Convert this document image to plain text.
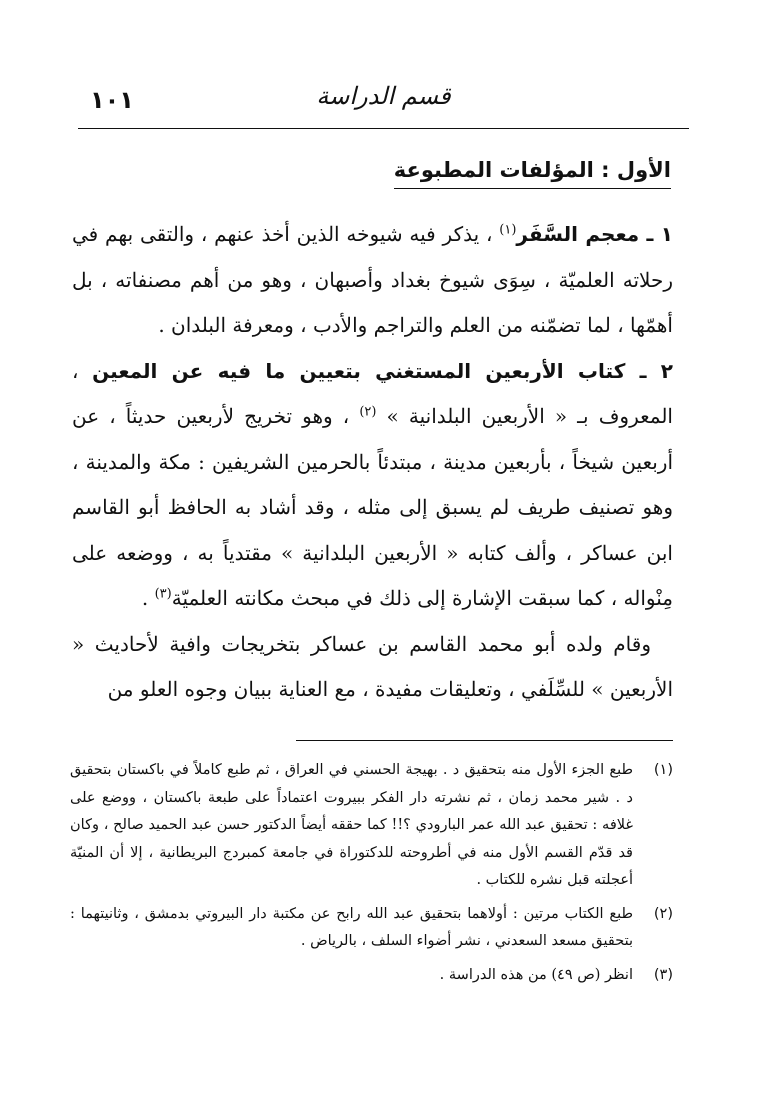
قسم الدراسة
١٠١
الأول : المؤلفات المطبوعة

١ ـ معجم السَّفَر$^{(١)}$ ، يذكر فيه شيوخه الذين أخذ عنهم ، والتقى بهم في رحلاته العلميّة ، سِوَى شيوخ بغداد وأصبهان ، وهو من أهم مصنفاته ، بل أهمّها ، لما تضمّنه من العلم والتراجم والأدب ، ومعرفة البلدان .

٢ ـ كتاب الأربعين المستغني بتعيين ما فيه عن المعين ، المعروف بـ « الأربعين البلدانية » $^{(٢)}$ ، وهو تخريج لأربعين حديثاً ، عن أربعين شيخاً ، بأربعين مدينة ، مبتدئاً بالحرمين الشريفين : مكة والمدينة ، وهو تصنيف طريف لم يسبق إلى مثله ، وقد أشاد به الحافظ أبو القاسم ابن عساكر ، وألف كتابه « الأربعين البلدانية » مقتدياً به ، ووضعه على مِنْواله ، كما سبقت الإشارة إلى ذلك في مبحث مكانته العلميّة$^{(٣)}$ .

وقام ولده أبو محمد القاسم بن عساكر بتخريجات وافية لأحاديث « الأربعين » للسِّلَفي ، وتعليقات مفيدة ، مع العناية ببيان وجوه العلو من

(١)
طبع الجزء الأول منه بتحقيق د . بهيجة الحسني في العراق ، ثم طبع كاملاً في باكستان بتحقيق د . شير محمد زمان ، ثم نشرته دار الفكر ببيروت اعتماداً على طبعة باكستان ، ووضع على غلافه : تحقيق عبد الله عمر البارودي ؟!! كما حققه أيضاً الدكتور حسن عبد الحميد صالح ، وكان قد قدّم القسم الأول منه في أطروحته للدكتوراة في جامعة كمبردج البريطانية ، إلا أن المنيّة أعجلته قبل نشره للكتاب .
(٢)
طبع الكتاب مرتين : أولاهما بتحقيق عبد الله رابح عن مكتبة دار البيروتي بدمشق ، وثانيتهما : بتحقيق مسعد السعدني ، نشر أضواء السلف ، بالرياض .
(٣)
انظر (ص ٤٩) من هذه الدراسة .
